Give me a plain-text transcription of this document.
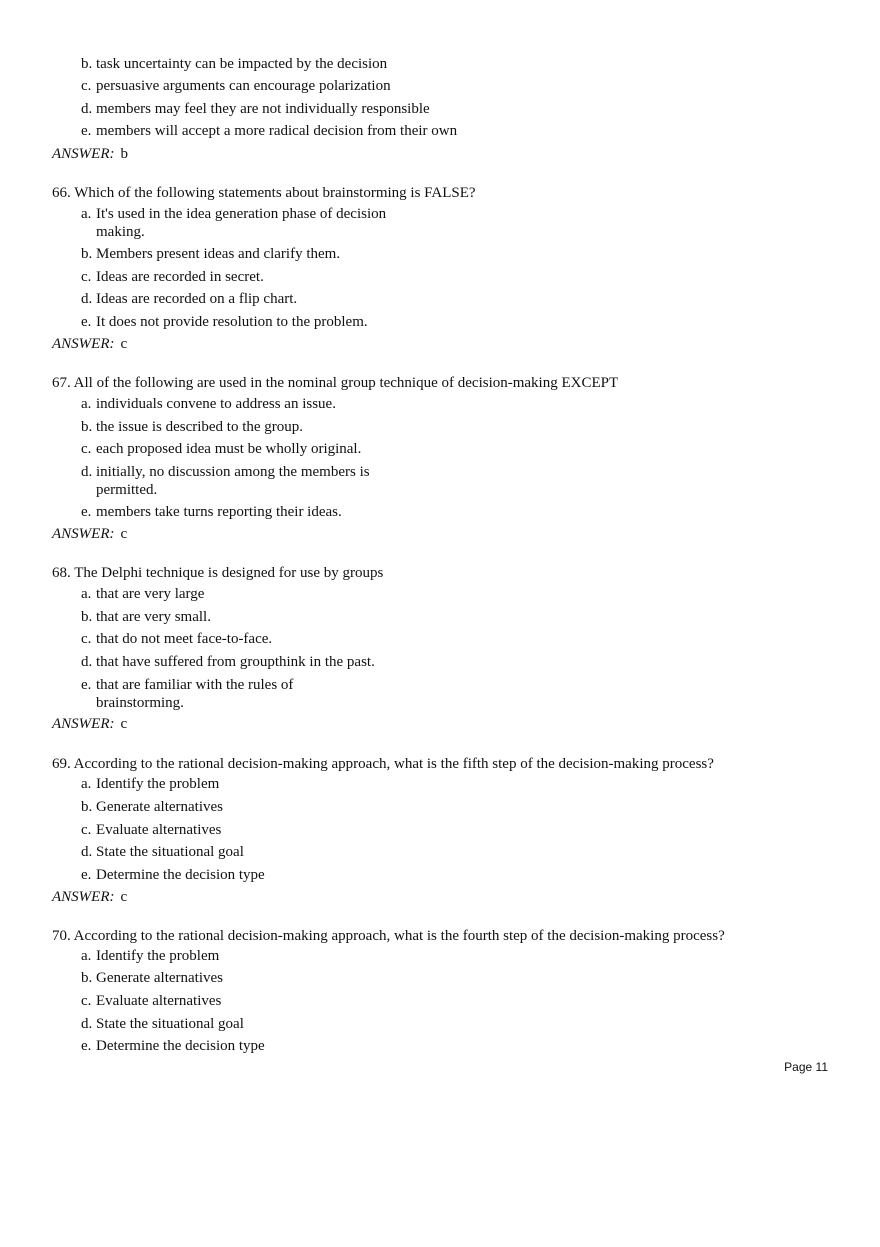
b. task uncertainty can be impacted by the decision
c. persuasive arguments can encourage polarization
d. members may feel they are not individually responsible
e. members will accept a more radical decision from their own
ANSWER: b
66. Which of the following statements about brainstorming is FALSE?
a. It's used in the idea generation phase of decision making.
b. Members present ideas and clarify them.
c. Ideas are recorded in secret.
d. Ideas are recorded on a flip chart.
e. It does not provide resolution to the problem.
ANSWER: c
67. All of the following are used in the nominal group technique of decision-making EXCEPT
a. individuals convene to address an issue.
b. the issue is described to the group.
c. each proposed idea must be wholly original.
d. initially, no discussion among the members is permitted.
e. members take turns reporting their ideas.
ANSWER: c
68. The Delphi technique is designed for use by groups
a. that are very large
b. that are very small.
c. that do not meet face-to-face.
d. that have suffered from groupthink in the past.
e. that are familiar with the rules of brainstorming.
ANSWER: c
69. According to the rational decision-making approach, what is the fifth step of the decision-making process?
a. Identify the problem
b. Generate alternatives
c. Evaluate alternatives
d. State the situational goal
e. Determine the decision type
ANSWER: c
70. According to the rational decision-making approach, what is the fourth step of the decision-making process?
a. Identify the problem
b. Generate alternatives
c. Evaluate alternatives
d. State the situational goal
e. Determine the decision type
Page 11
